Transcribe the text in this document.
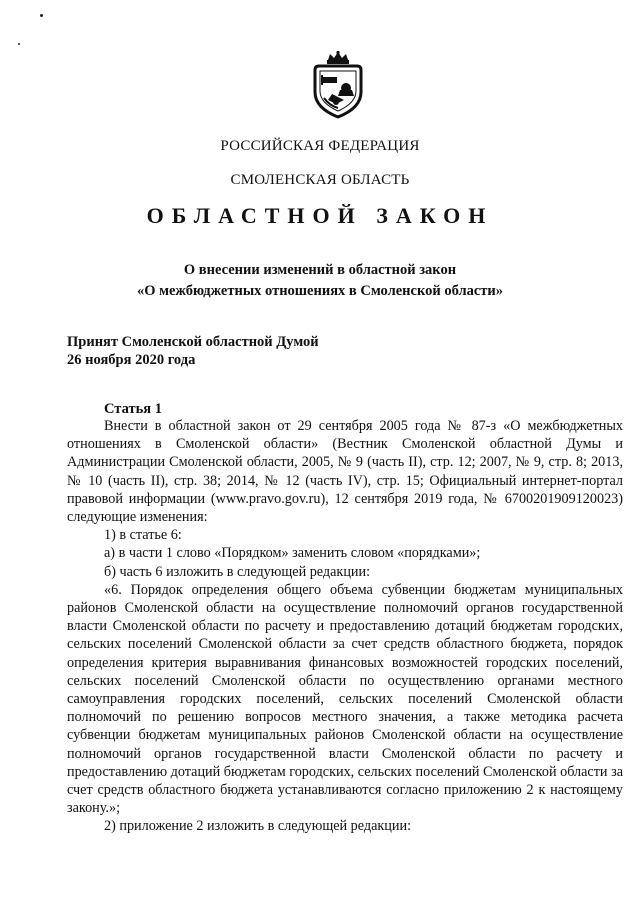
РОССИЙСКАЯ ФЕДЕРАЦИЯ
СМОЛЕНСКАЯ ОБЛАСТЬ
ОБЛАСТНОЙ ЗАКОН
О внесении изменений в областной закон
«О межбюджетных отношениях в Смоленской области»
Принят Смоленской областной Думой
26 ноября 2020 года
Статья 1

Внести в областной закон от 29 сентября 2005 года № 87-з «О межбюджетных отношениях в Смоленской области» (Вестник Смоленской областной Думы и Администрации Смоленской области, 2005, № 9 (часть II), стр. 12; 2007, № 9, стр. 8; 2013, № 10 (часть II), стр. 38; 2014, № 12 (часть IV), стр. 15; Официальный интернет-портал правовой информации (www.pravo.gov.ru), 12 сентября 2019 года, № 6700201909120023) следующие изменения:

1) в статье 6:

а) в части 1 слово «Порядком» заменить словом «порядками»;

б) часть 6 изложить в следующей редакции:

«6. Порядок определения общего объема субвенции бюджетам муниципальных районов Смоленской области на осуществление полномочий органов государственной власти Смоленской области по расчету и предоставлению дотаций бюджетам городских, сельских поселений Смоленской области за счет средств областного бюджета, порядок определения критерия выравнивания финансовых возможностей городских поселений, сельских поселений Смоленской области по осуществлению органами местного самоуправления городских поселений, сельских поселений Смоленской области полномочий по решению вопросов местного значения, а также методика расчета субвенции бюджетам муниципальных районов Смоленской области на осуществление полномочий органов государственной власти Смоленской области по расчету и предоставлению дотаций бюджетам городских, сельских поселений Смоленской области за счет средств областного бюджета устанавливаются согласно приложению 2 к настоящему закону.»;

2) приложение 2 изложить в следующей редакции:
